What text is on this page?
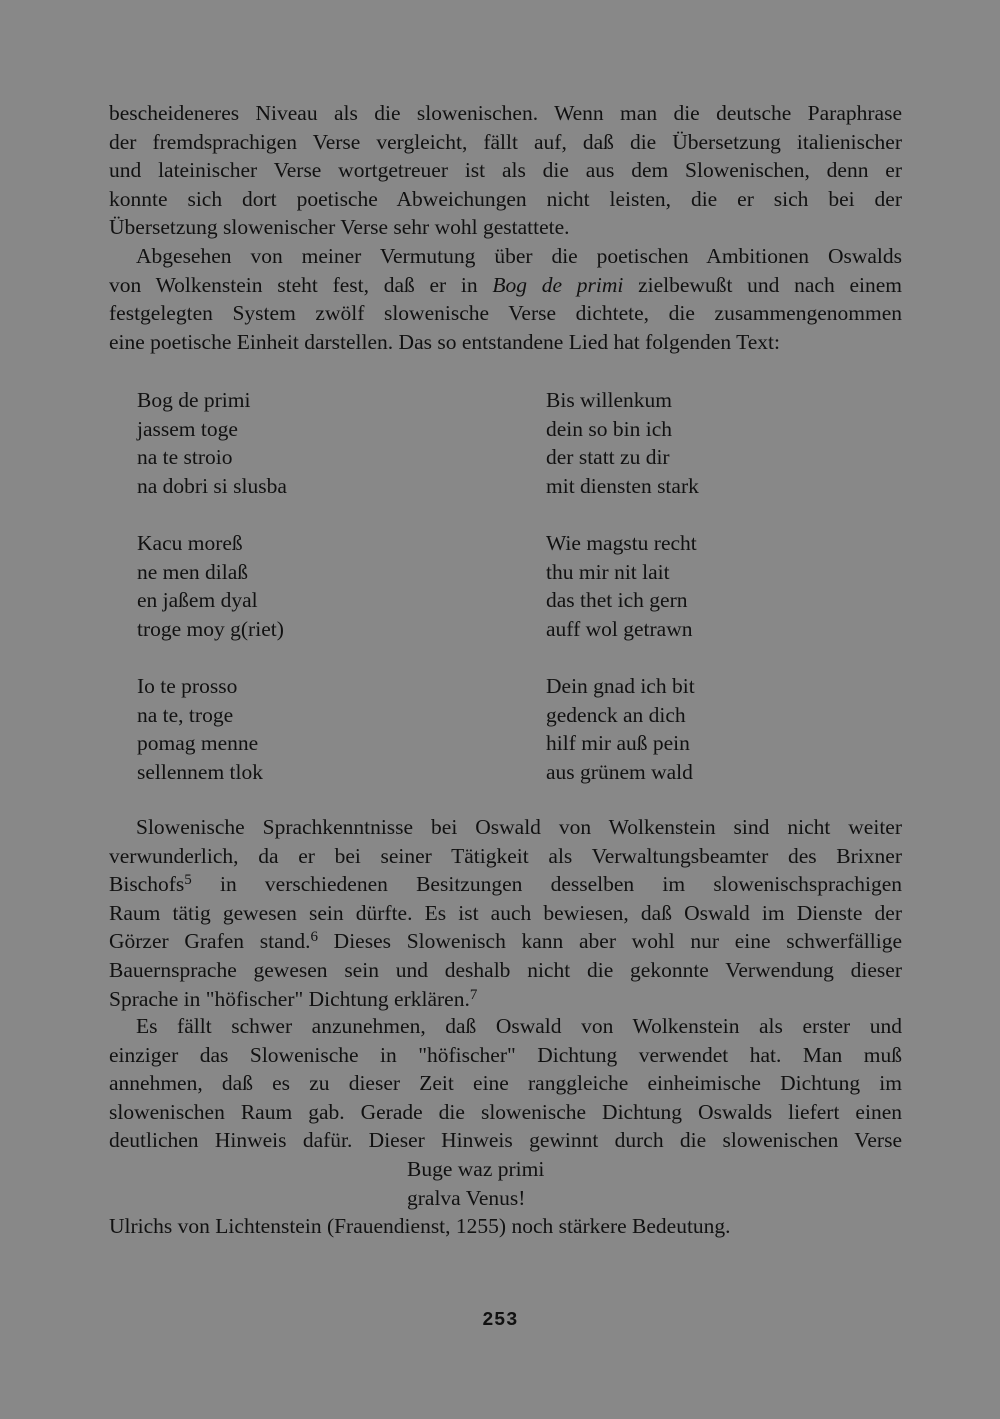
bescheideneres Niveau als die slowenischen. Wenn man die deutsche Paraphrase
der fremdsprachigen Verse vergleicht, fällt auf, daß die Übersetzung italienischer
und lateinischer Verse wortgetreuer ist als die aus dem Slowenischen, denn er
konnte sich dort poetische Abweichungen nicht leisten, die er sich bei der
Übersetzung slowenischer Verse sehr wohl gestattete.
Abgesehen von meiner Vermutung über die poetischen Ambitionen Oswalds
von Wolkenstein steht fest, daß er in Bog de primi zielbewußt und nach einem
festgelegten System zwölf slowenische Verse dichtete, die zusammengenommen
eine poetische Einheit darstellen. Das so entstandene Lied hat folgenden Text:
Bog de primi
jassem toge
na te stroio
na dobri si slusba
Kacu moreß
ne men dilaß
en jaßem dyal
troge moy g(riet)
Io te prosso
na te, troge
pomag menne
sellennem tlok
Bis willenkum
dein so bin ich
der statt zu dir
mit diensten stark
Wie magstu recht
thu mir nit lait
das thet ich gern
auff wol getrawn
Dein gnad ich bit
gedenck an dich
hilf mir auß pein
aus grünem wald
Slowenische Sprachkenntnisse bei Oswald von Wolkenstein sind nicht weiter
verwunderlich, da er bei seiner Tätigkeit als Verwaltungsbeamter des Brixner
Bischofs$^5$ in verschiedenen Besitzungen desselben im slowenischsprachigen
Raum tätig gewesen sein dürfte. Es ist auch bewiesen, daß Oswald im Dienste der
Görzer Grafen stand.$^6$ Dieses Slowenisch kann aber wohl nur eine schwerfällige
Bauernsprache gewesen sein und deshalb nicht die gekonnte Verwendung dieser
Sprache in "höfischer" Dichtung erklären.$^7$
Es fällt schwer anzunehmen, daß Oswald von Wolkenstein als erster und
einziger das Slowenische in "höfischer" Dichtung verwendet hat. Man muß
annehmen, daß es zu dieser Zeit eine ranggleiche einheimische Dichtung im
slowenischen Raum gab. Gerade die slowenische Dichtung Oswalds liefert einen
deutlichen Hinweis dafür. Dieser Hinweis gewinnt durch die slowenischen Verse
Buge waz primi
gralva Venus!
Ulrichs von Lichtenstein (Frauendienst, 1255) noch stärkere Bedeutung.
253
